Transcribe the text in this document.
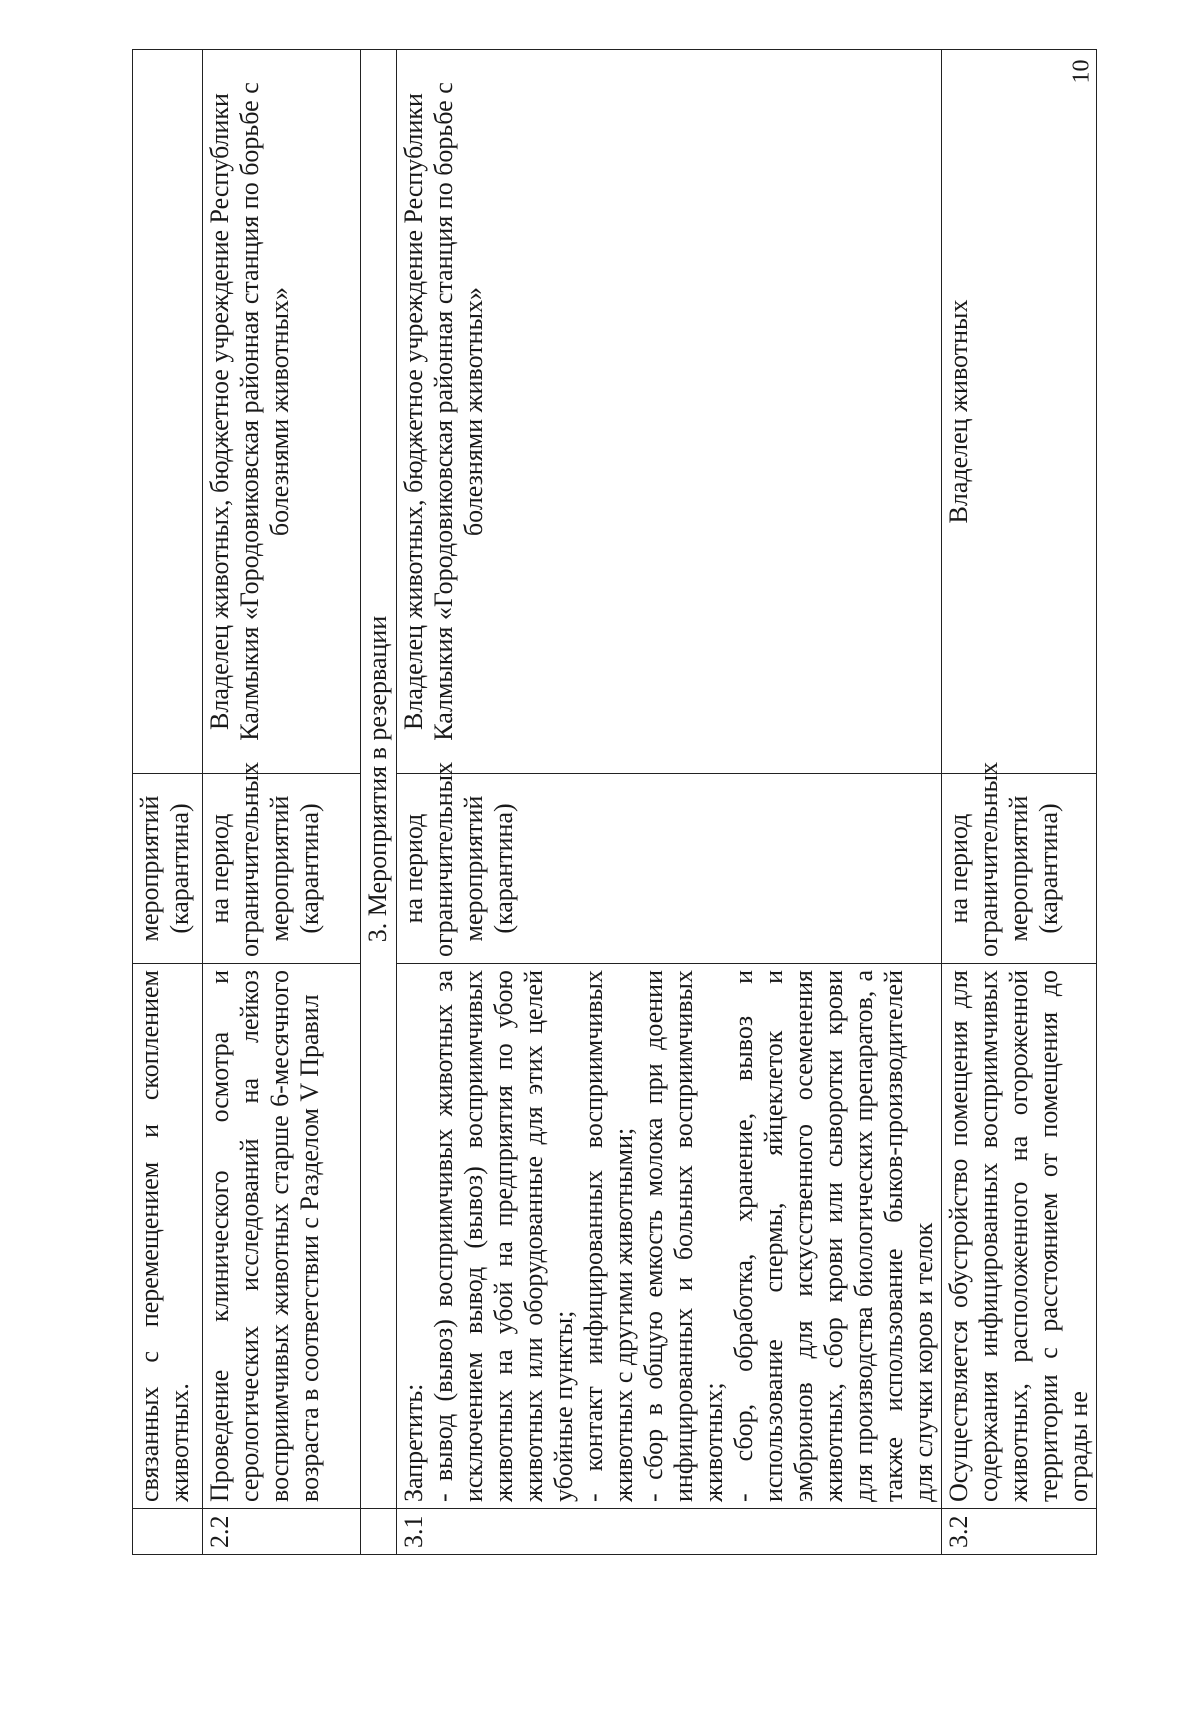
	связанных с перемещением и скоплением животных.	мероприятий (карантина)	
2.2	Проведение клинического осмотра и серологических исследований на лейкоз восприимчивых животных старше 6-месячного возраста в соответствии с Разделом V Правил	на период ограничительных мероприятий (карантина)	Владелец животных, бюджетное учреждение Республики Калмыкия «Городовиковская районная станция по борьбе с болезнями животных»
	3. Мероприятия в резервации		
3.1	Запретить: - вывод (вывоз) восприимчивых животных за исключением вывод (вывоз) восприимчивых животных на убой на предприятия по убою животных или оборудованные для этих целей убойные пункты; - контакт инфицированных восприимчивых животных с другими животными; - сбор в общую емкость молока при доении инфицированных и больных восприимчивых животных; - сбор, обработка, хранение, вывоз и использование спермы, яйцеклеток и эмбрионов для искусственного осеменения животных, сбор крови или сыворотки крови для производства биологических препаратов, а также использование быков-производителей для случки коров и телок	на период ограничительных мероприятий (карантина)	Владелец животных, бюджетное учреждение Республики Калмыкия «Городовиковская районная станция по борьбе с болезнями животных»
3.2	Осуществляется обустройство помещения для содержания инфицированных восприимчивых животных, расположенного на огороженной территории с расстоянием от помещения до ограды не	на период ограничительных мероприятий (карантина)	Владелец животных
10
